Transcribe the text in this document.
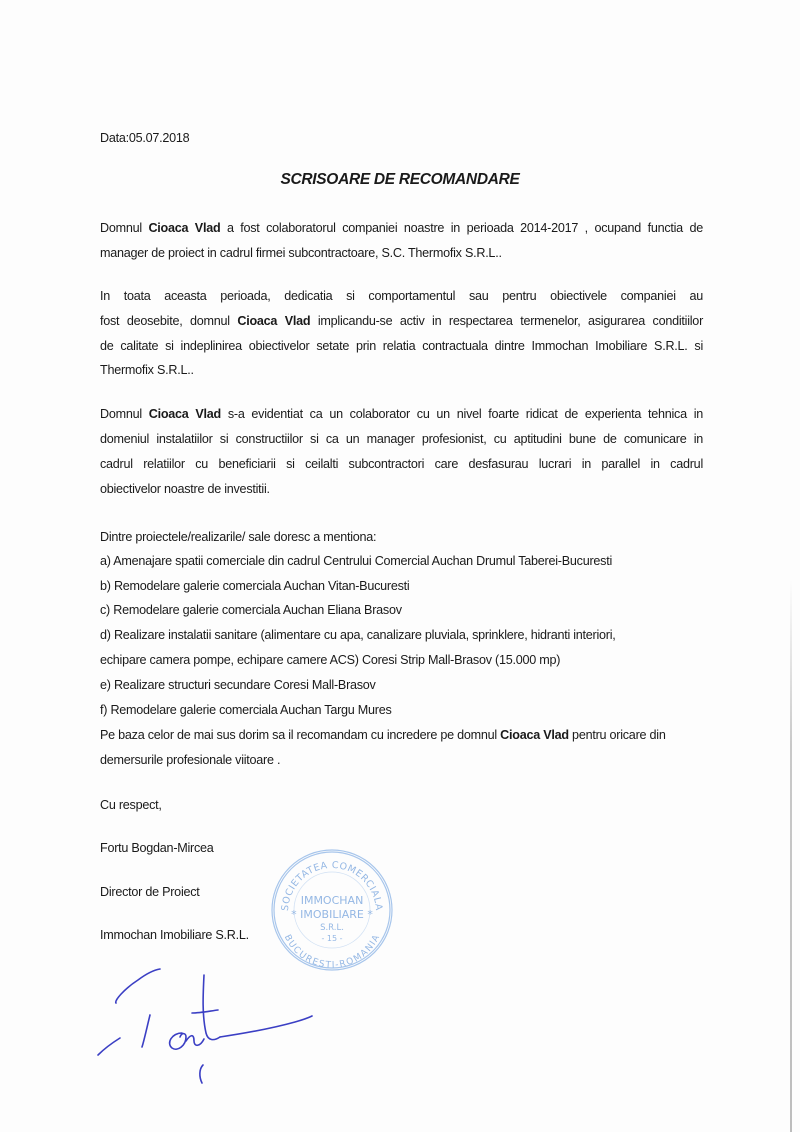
Data:05.07.2018
SCRISOARE DE RECOMANDARE
Domnul Cioaca Vlad a fost colaboratorul companiei noastre in perioada 2014-2017 , ocupand functia de
manager de proiect in cadrul firmei subcontractoare, S.C. Thermofix S.R.L..
In toata aceasta perioada, dedicatia si comportamentul sau pentru obiectivele companiei au
fost deosebite, domnul Cioaca Vlad implicandu-se activ in respectarea termenelor, asigurarea conditiilor
de calitate si indeplinirea obiectivelor setate prin relatia contractuala dintre Immochan Imobiliare S.R.L. si
Thermofix S.R.L..
Domnul Cioaca Vlad s-a evidentiat ca un colaborator cu un nivel foarte ridicat de experienta tehnica in
domeniul instalatiilor si constructiilor si ca un manager profesionist, cu aptitudini bune de comunicare in
cadrul relatiilor cu beneficiarii si ceilalti subcontractori care desfasurau lucrari in parallel in cadrul
obiectivelor noastre de investitii.
Dintre proiectele/realizarile/ sale doresc a mentiona:
a) Amenajare spatii comerciale din cadrul Centrului Comercial Auchan Drumul Taberei-Bucuresti
b) Remodelare galerie comerciala Auchan Vitan-Bucuresti
c) Remodelare galerie comerciala Auchan Eliana Brasov
d) Realizare instalatii sanitare (alimentare cu apa, canalizare pluviala, sprinklere, hidranti interiori,
echipare camera pompe, echipare camere ACS) Coresi Strip Mall-Brasov (15.000 mp)
e) Realizare structuri secundare Coresi Mall-Brasov
f) Remodelare galerie comerciala Auchan Targu Mures
Pe baza celor de mai sus dorim sa il recomandam cu incredere pe domnul Cioaca Vlad pentru oricare din
demersurile profesionale viitoare .
Cu respect,
Fortu Bogdan-Mircea
Director de Proiect
Immochan Imobiliare S.R.L.
SOCIETATEA COMERCIALA
BUCURESTI-ROMANIA
IMMOCHAN
* IMOBILIARE *
S.R.L.
- 15 -
